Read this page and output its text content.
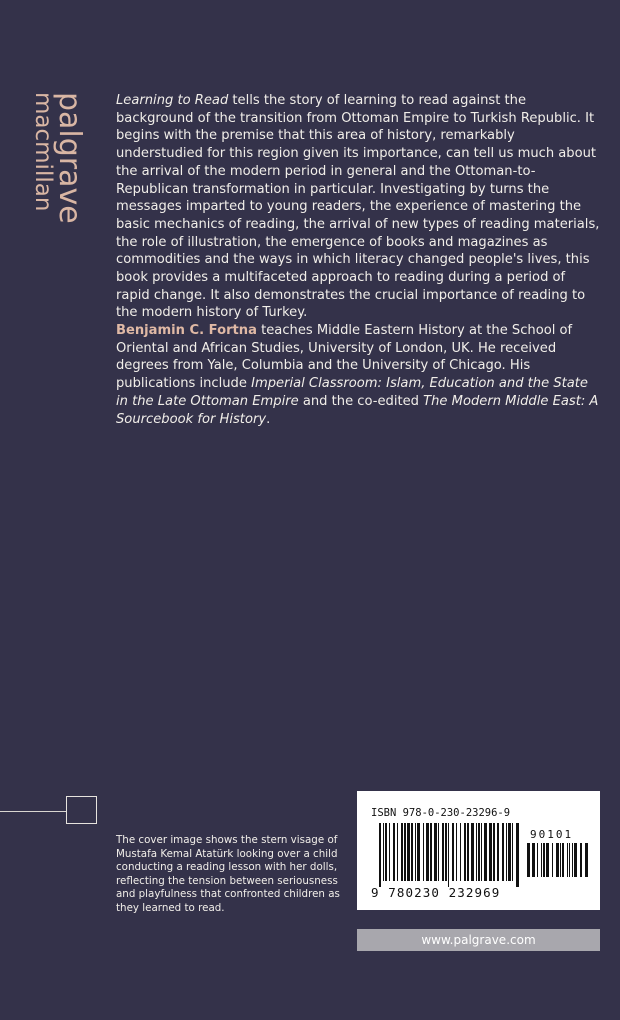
palgrave
macmillan	Learning to Read tells the story of learning to read against the background of the transition from Ottoman Empire to Turkish Republic. It begins with the premise that this area of history, remarkably understudied for this region given its importance, can tell us much about the arrival of the modern period in general and the Ottoman-to-Republican transformation in particular. Investigating by turns the messages imparted to young readers, the experience of mastering the basic mechanics of reading, the arrival of new types of reading materials, the role of illustration, the emergence of books and magazines as commodities and the ways in which literacy changed people's lives, this book provides a multifaceted approach to reading during a period of rapid change. It also demonstrates the crucial importance of reading to the modern history of Turkey.

Benjamin C. Fortna teaches Middle Eastern History at the School of Oriental and African Studies, University of London, UK. He received degrees from Yale, Columbia and the University of Chicago. His publications include Imperial Classroom: Islam, Education and the State in the Late Ottoman Empire and the co-edited The Modern Middle East: A Sourcebook for History.

The cover image shows the stern visage of Mustafa Kemal Atatürk looking over a child conducting a reading lesson with her dolls, reflecting the tension between seriousness and playfulness that confronted children as they learned to read.

ISBN 978-0-230-23296-9
90101
9 780230 232969
www.palgrave.com
